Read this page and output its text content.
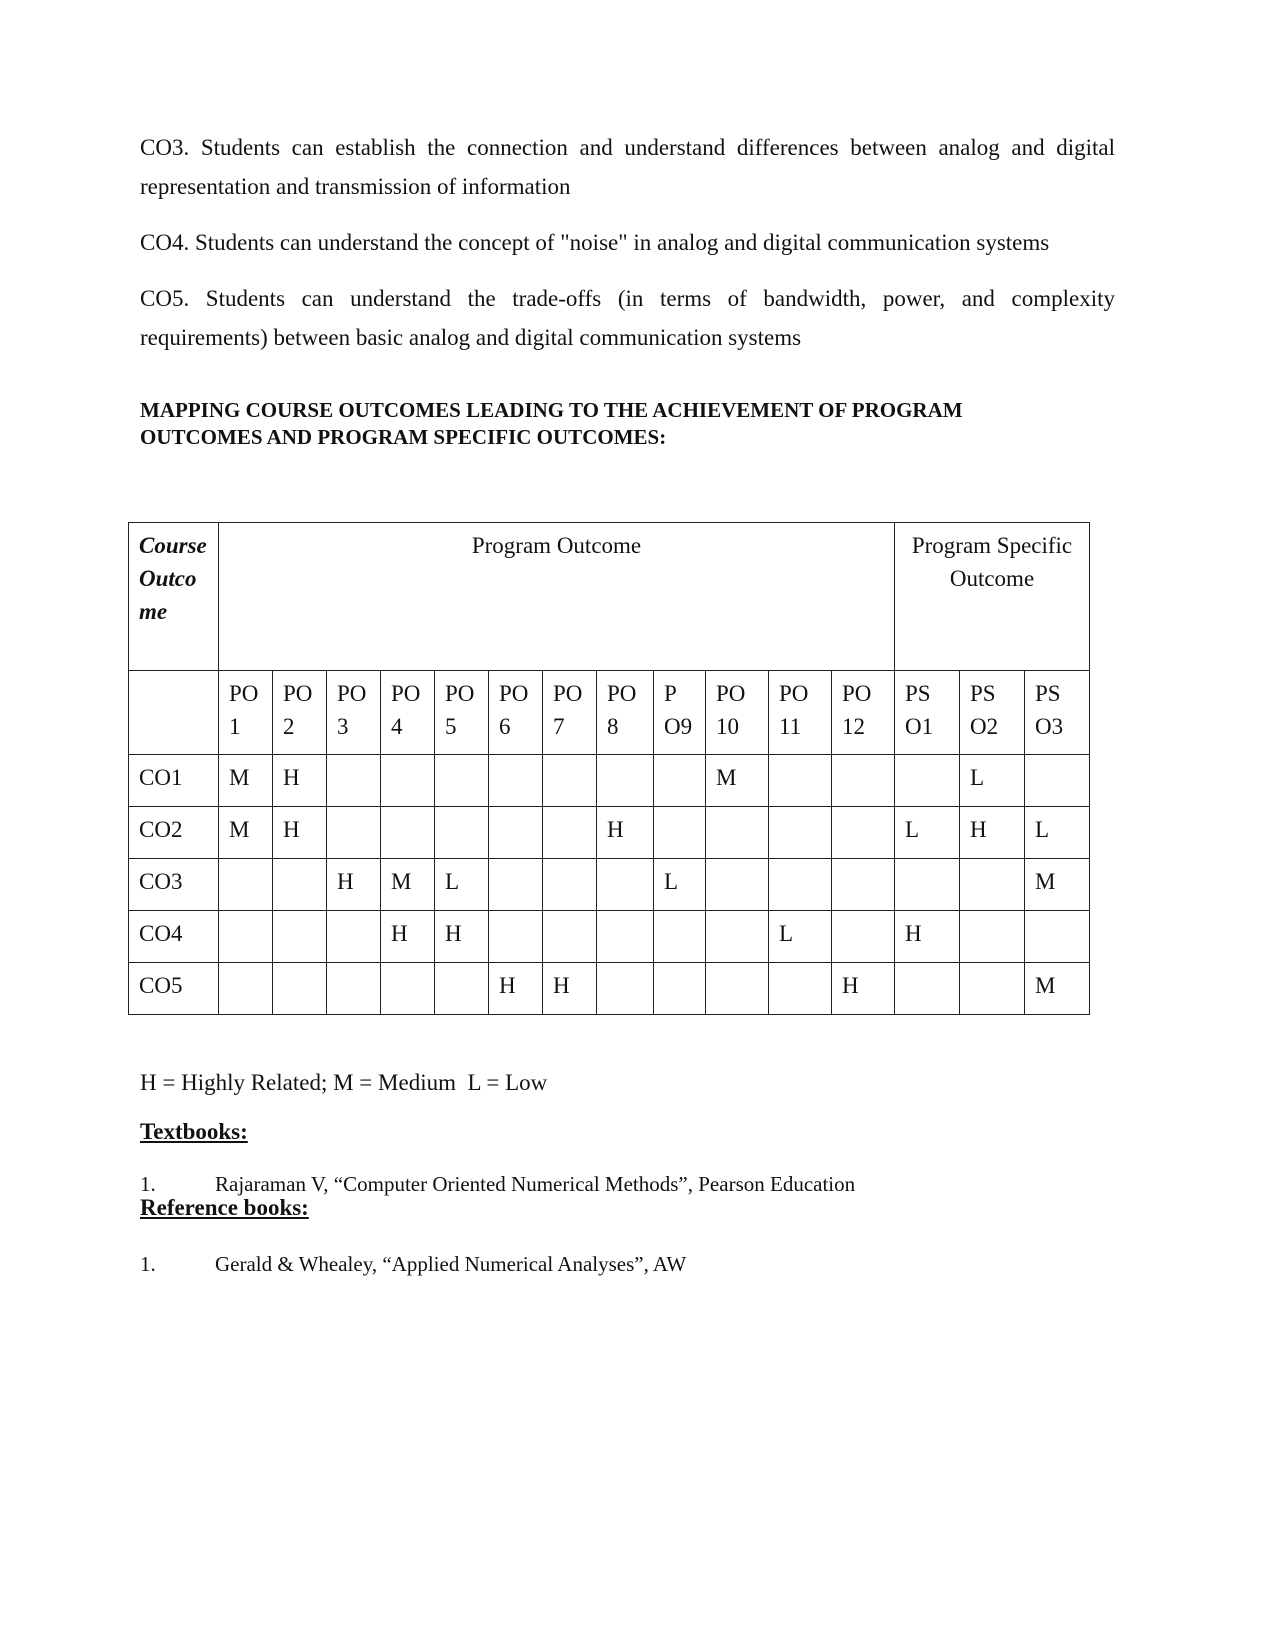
CO3. Students can establish the connection and understand differences between analog and digital representation and transmission of information

CO4. Students can understand the concept of "noise" in analog and digital communication systems

CO5. Students can understand the trade-offs (in terms of bandwidth, power, and complexity requirements) between basic analog and digital communication systems

MAPPING COURSE OUTCOMES LEADING TO THE ACHIEVEMENT OF PROGRAM OUTCOMES AND PROGRAM SPECIFIC OUTCOMES:
Course Outcome	Program Outcome												Program Specific Outcome		
	PO 1	PO 2	PO 3	PO 4	PO 5	PO 6	PO 7	PO 8	P O9	PO 10	PO 11	PO 12	PS O1	PS O2	PS O3
CO1	M	H								M				L	
CO2	M	H						H					L	H	L
CO3			H	M	L				L						M
CO4				H	H						L		H		
CO5						H	H					H			M
H = Highly Related; M = Medium  L = Low
Textbooks:
1.	Rajaraman V, “Computer Oriented Numerical Methods”, Pearson Education
Reference books:
1.	Gerald & Whealey, “Applied Numerical Analyses”, AW
